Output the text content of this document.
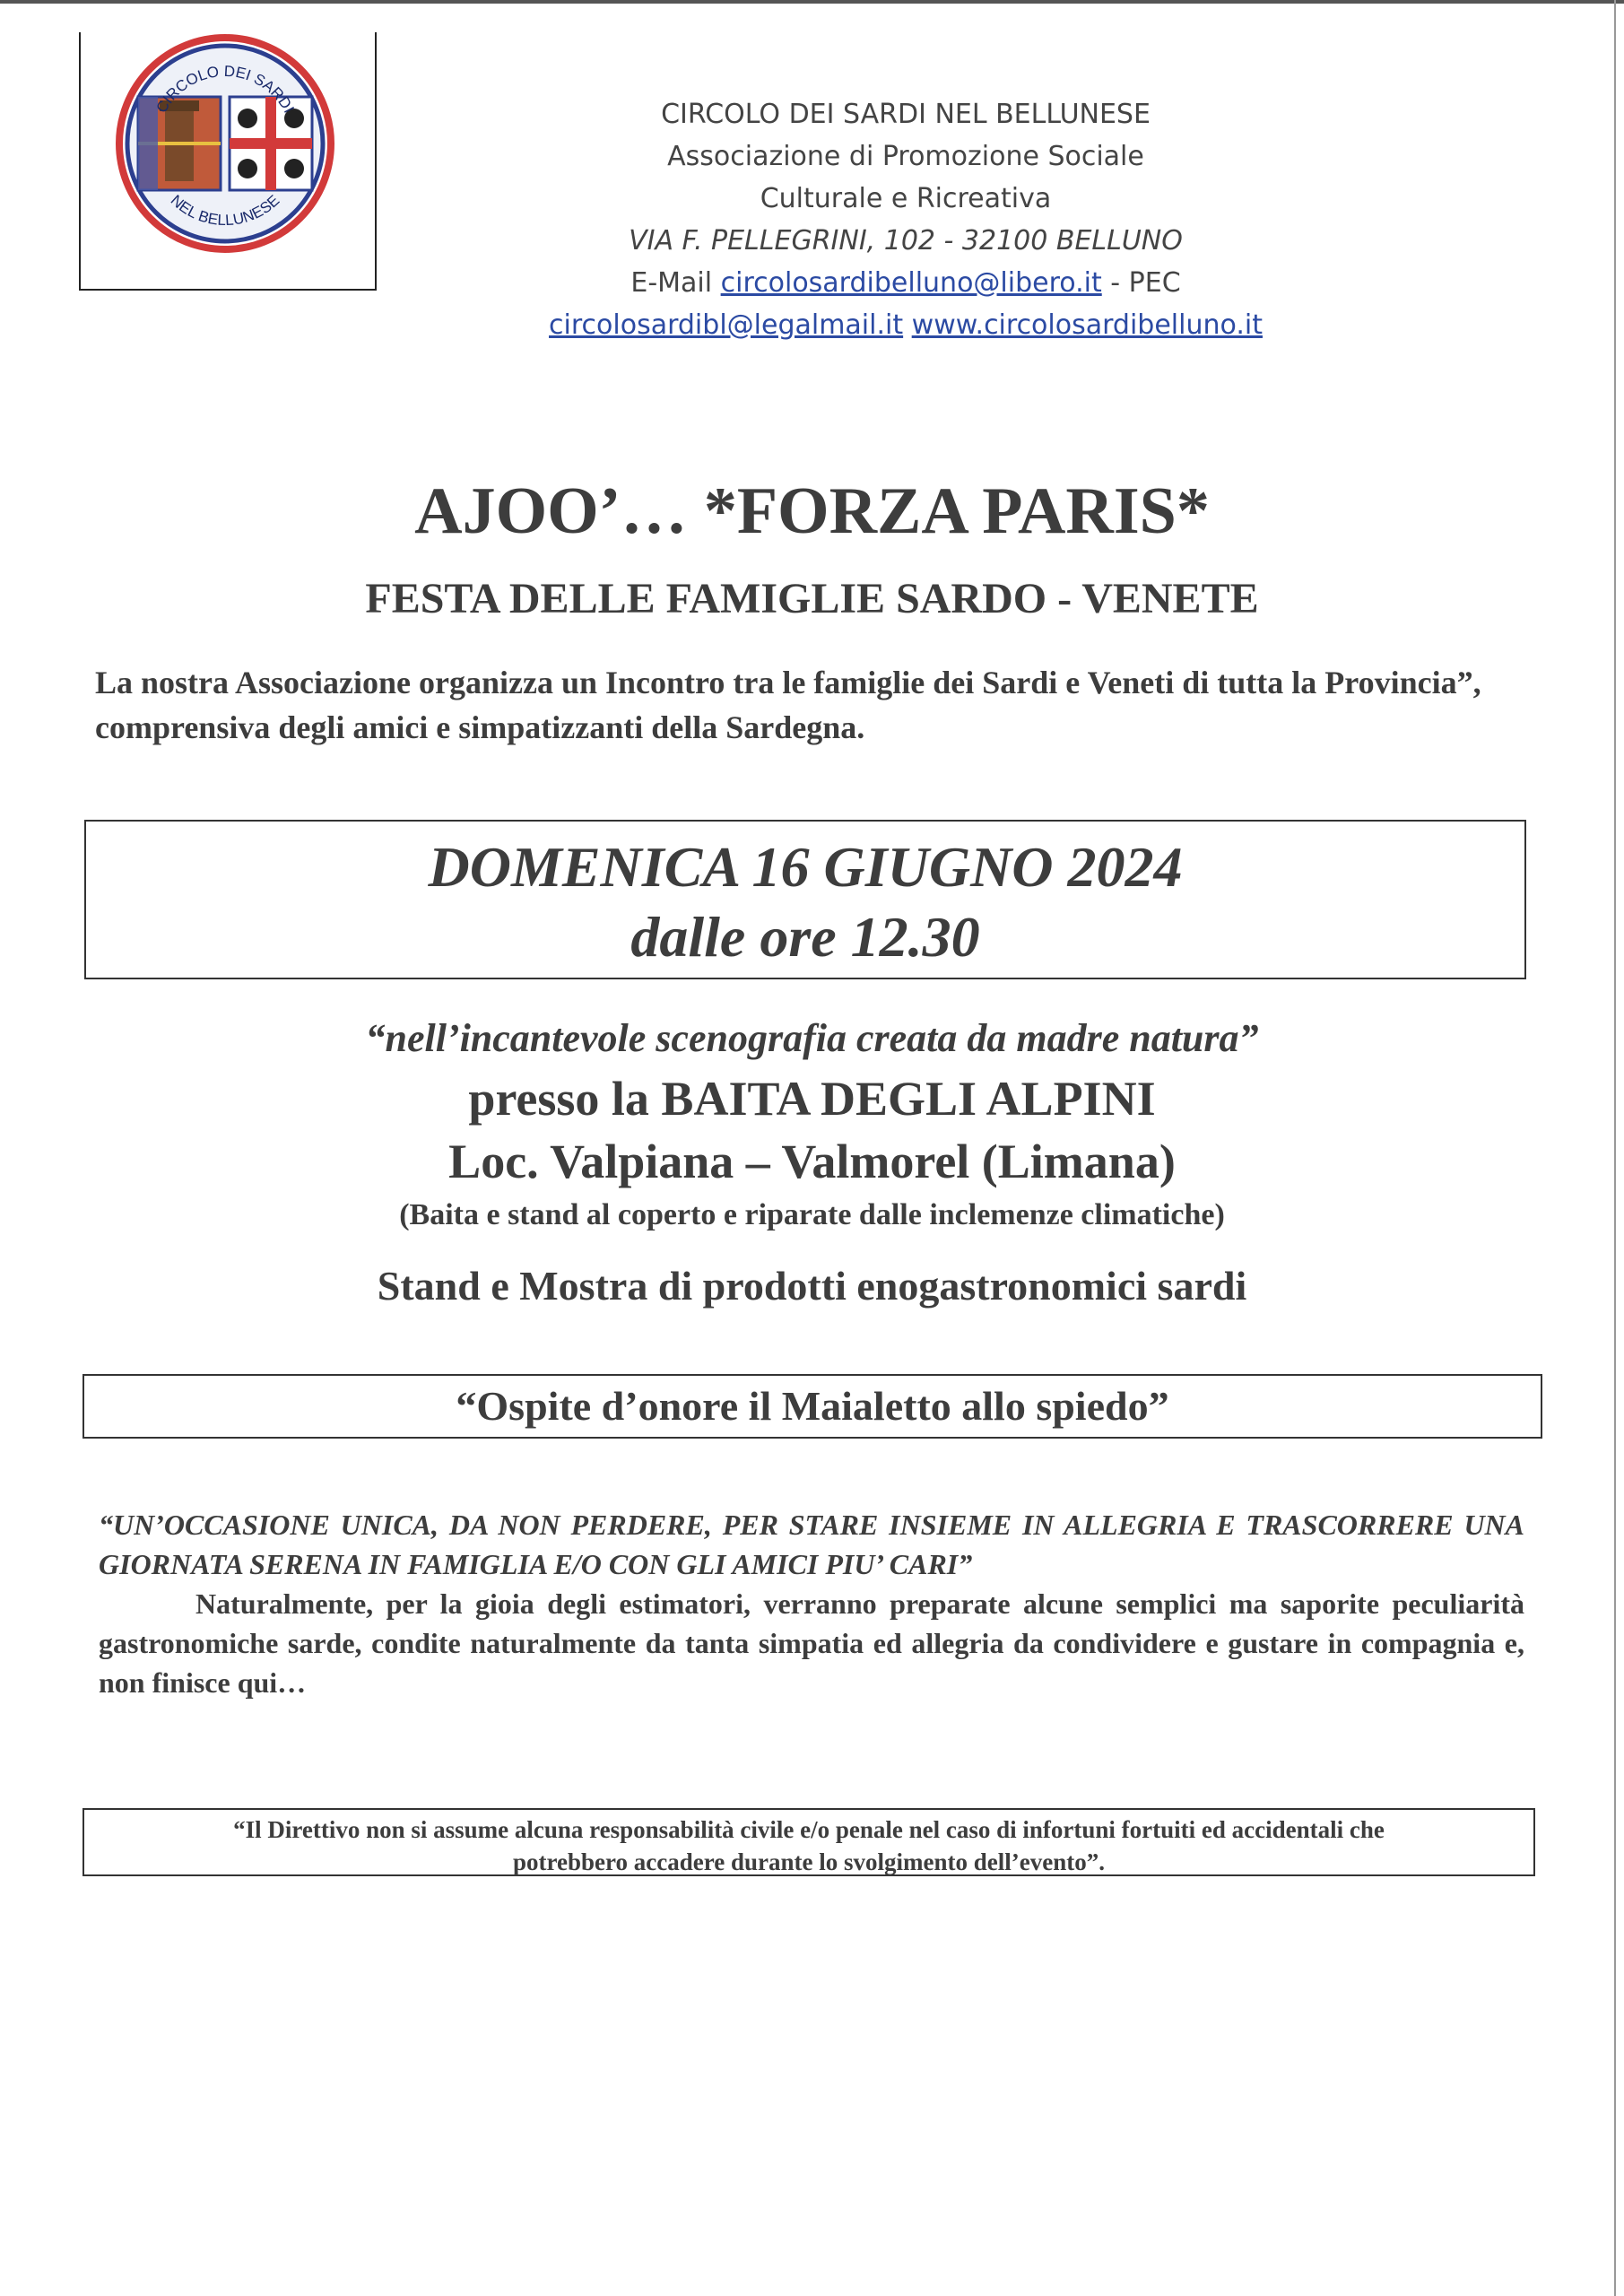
CIRCOLO DEI SARDI
NEL BELLUNESE
CIRCOLO DEI SARDI NEL BELLUNESE
Associazione di Promozione Sociale
Culturale e Ricreativa
VIA F. PELLEGRINI, 102 - 32100 BELLUNO
E-Mail circolosardibelluno@libero.it - PEC
circolosardibl@legalmail.it www.circolosardibelluno.it
AJOO’… *FORZA PARIS*
FESTA DELLE FAMIGLIE SARDO - VENETE
La nostra Associazione organizza un Incontro tra le famiglie dei Sardi e Veneti di tutta la Provincia”, comprensiva degli amici e simpatizzanti della Sardegna.
DOMENICA 16 GIUGNO 2024
dalle ore 12.30
“nell’incantevole scenografia creata da madre natura”
presso la BAITA DEGLI ALPINI
Loc. Valpiana – Valmorel (Limana)
(Baita e stand al coperto e riparate dalle inclemenze climatiche)
Stand e Mostra di prodotti enogastronomici sardi
“Ospite d’onore il Maialetto allo spiedo”
“UN’OCCASIONE UNICA, DA NON PERDERE, PER STARE INSIEME IN ALLEGRIA E TRASCORRERE UNA GIORNATA SERENA IN FAMIGLIA E/O CON GLI AMICI PIU’ CARI”
Naturalmente, per la gioia degli estimatori, verranno preparate alcune semplici ma saporite peculiarità gastronomiche sarde, condite naturalmente da tanta simpatia ed allegria da condividere e gustare in compagnia e, non finisce qui…
“Il Direttivo non si assume alcuna responsabilità civile e/o penale nel caso di infortuni fortuiti ed accidentali che
potrebbero accadere durante lo svolgimento dell’evento”.
